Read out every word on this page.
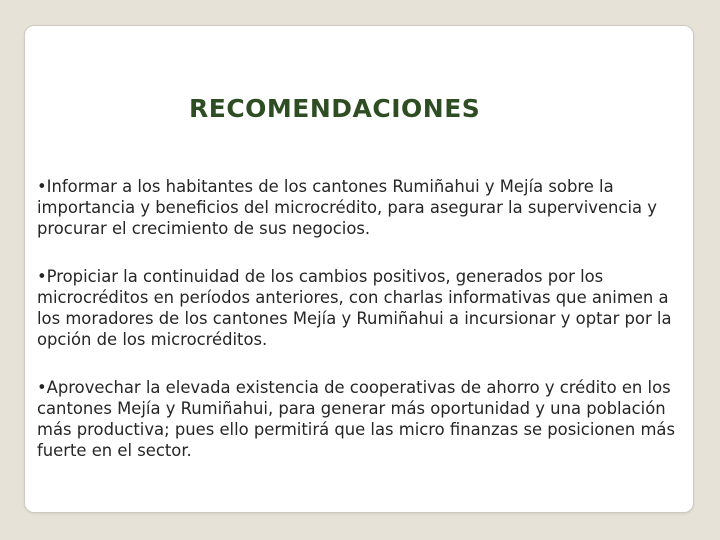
RECOMENDACIONES
•Informar a los habitantes de los cantones Rumiñahui y Mejía sobre la importancia y beneficios del microcrédito, para asegurar la supervivencia y procurar el crecimiento de sus negocios.
•Propiciar la continuidad de los cambios positivos, generados por los microcréditos en períodos anteriores, con charlas informativas que animen a los moradores de los cantones Mejía y Rumiñahui a incursionar y optar por la opción de los microcréditos.
•Aprovechar la elevada existencia de cooperativas de ahorro y crédito en los cantones Mejía y Rumiñahui, para generar más oportunidad y una población más productiva; pues ello permitirá que las micro finanzas se posicionen más fuerte en el sector.
